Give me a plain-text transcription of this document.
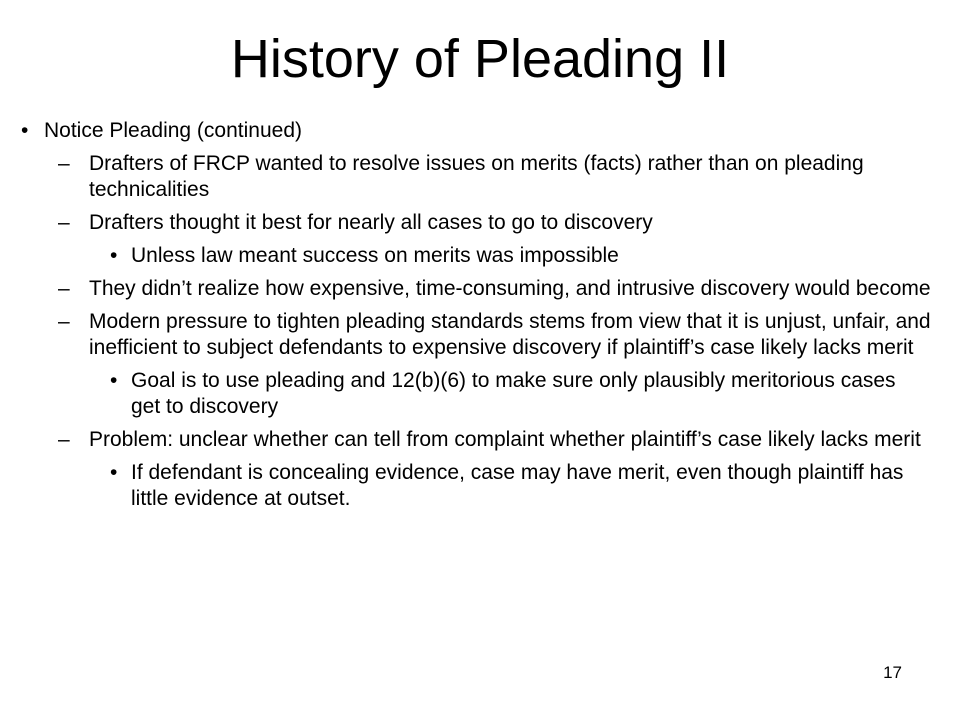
History of Pleading II
• Notice Pleading (continued)
– Drafters of FRCP wanted to resolve issues on merits (facts) rather than on pleading technicalities
– Drafters thought it best for nearly all cases to go to discovery
• Unless law meant success on merits was impossible
– They didn’t realize how expensive, time-consuming, and intrusive discovery would become
– Modern pressure to tighten pleading standards stems from view that it is unjust, unfair, and inefficient to subject defendants to expensive discovery if plaintiff’s case likely lacks merit
• Goal is to use pleading and 12(b)(6) to make sure only plausibly meritorious cases get to discovery
– Problem: unclear whether can tell from complaint whether plaintiff’s case likely lacks merit
• If defendant is concealing evidence, case may have merit, even though plaintiff has little evidence at outset.
17
